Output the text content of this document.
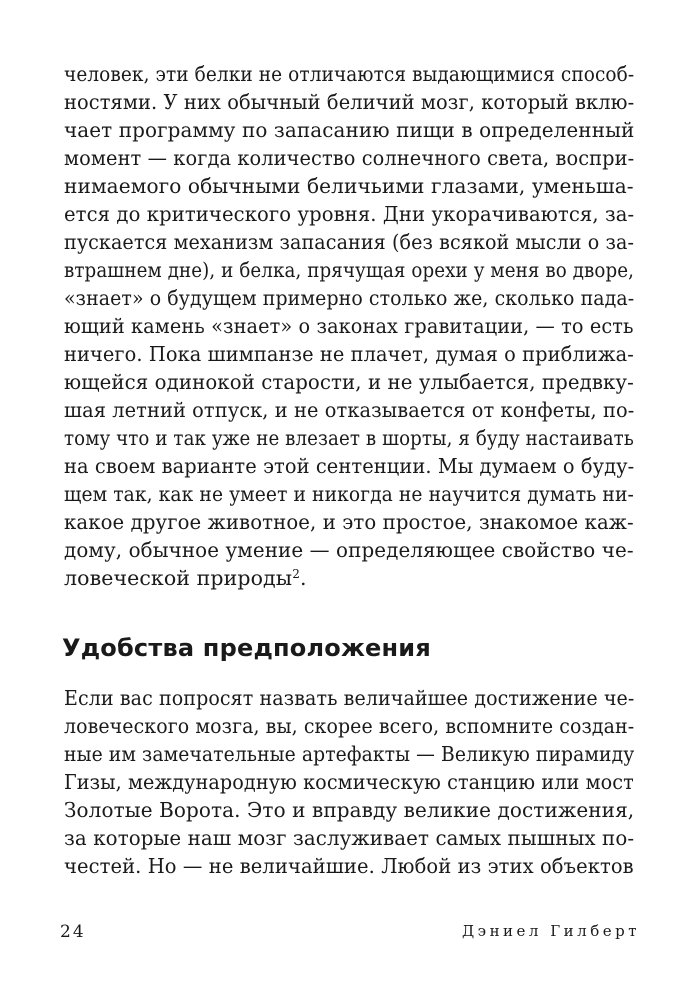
человек, эти белки не отличаются выдающимися способ-
ностями. У них обычный беличий мозг, который вклю-
чает программу по запасанию пищи в определенный
момент — когда количество солнечного света, воспри-
нимаемого обычными беличьими глазами, уменьша-
ется до критического уровня. Дни укорачиваются, за-
пускается механизм запасания (без всякой мысли о за-
втрашнем дне), и белка, прячущая орехи у меня во дворе,
«знает» о будущем примерно столько же, сколько пада-
ющий камень «знает» о законах гравитации, — то есть
ничего. Пока шимпанзе не плачет, думая о приближа-
ющейся одинокой старости, и не улыбается, предвку-
шая летний отпуск, и не отказывается от конфеты, по-
тому что и так уже не влезает в шорты, я буду настаивать
на своем варианте этой сентенции. Мы думаем о буду-
щем так, как не умеет и никогда не научится думать ни-
какое другое животное, и это простое, знакомое каж-
дому, обычное умение — определяющее свойство че-
ловеческой природы$^2$.
Удобства предположения
Если вас попросят назвать величайшее достижение че-
ловеческого мозга, вы, скорее всего, вспомните создан-
ные им замечательные артефакты — Великую пирамиду
Гизы, международную космическую станцию или мост
Золотые Ворота. Это и вправду великие достижения,
за которые наш мозг заслуживает самых пышных по-
честей. Но — не величайшие. Любой из этих объектов
24	Дэниел Гилберт
